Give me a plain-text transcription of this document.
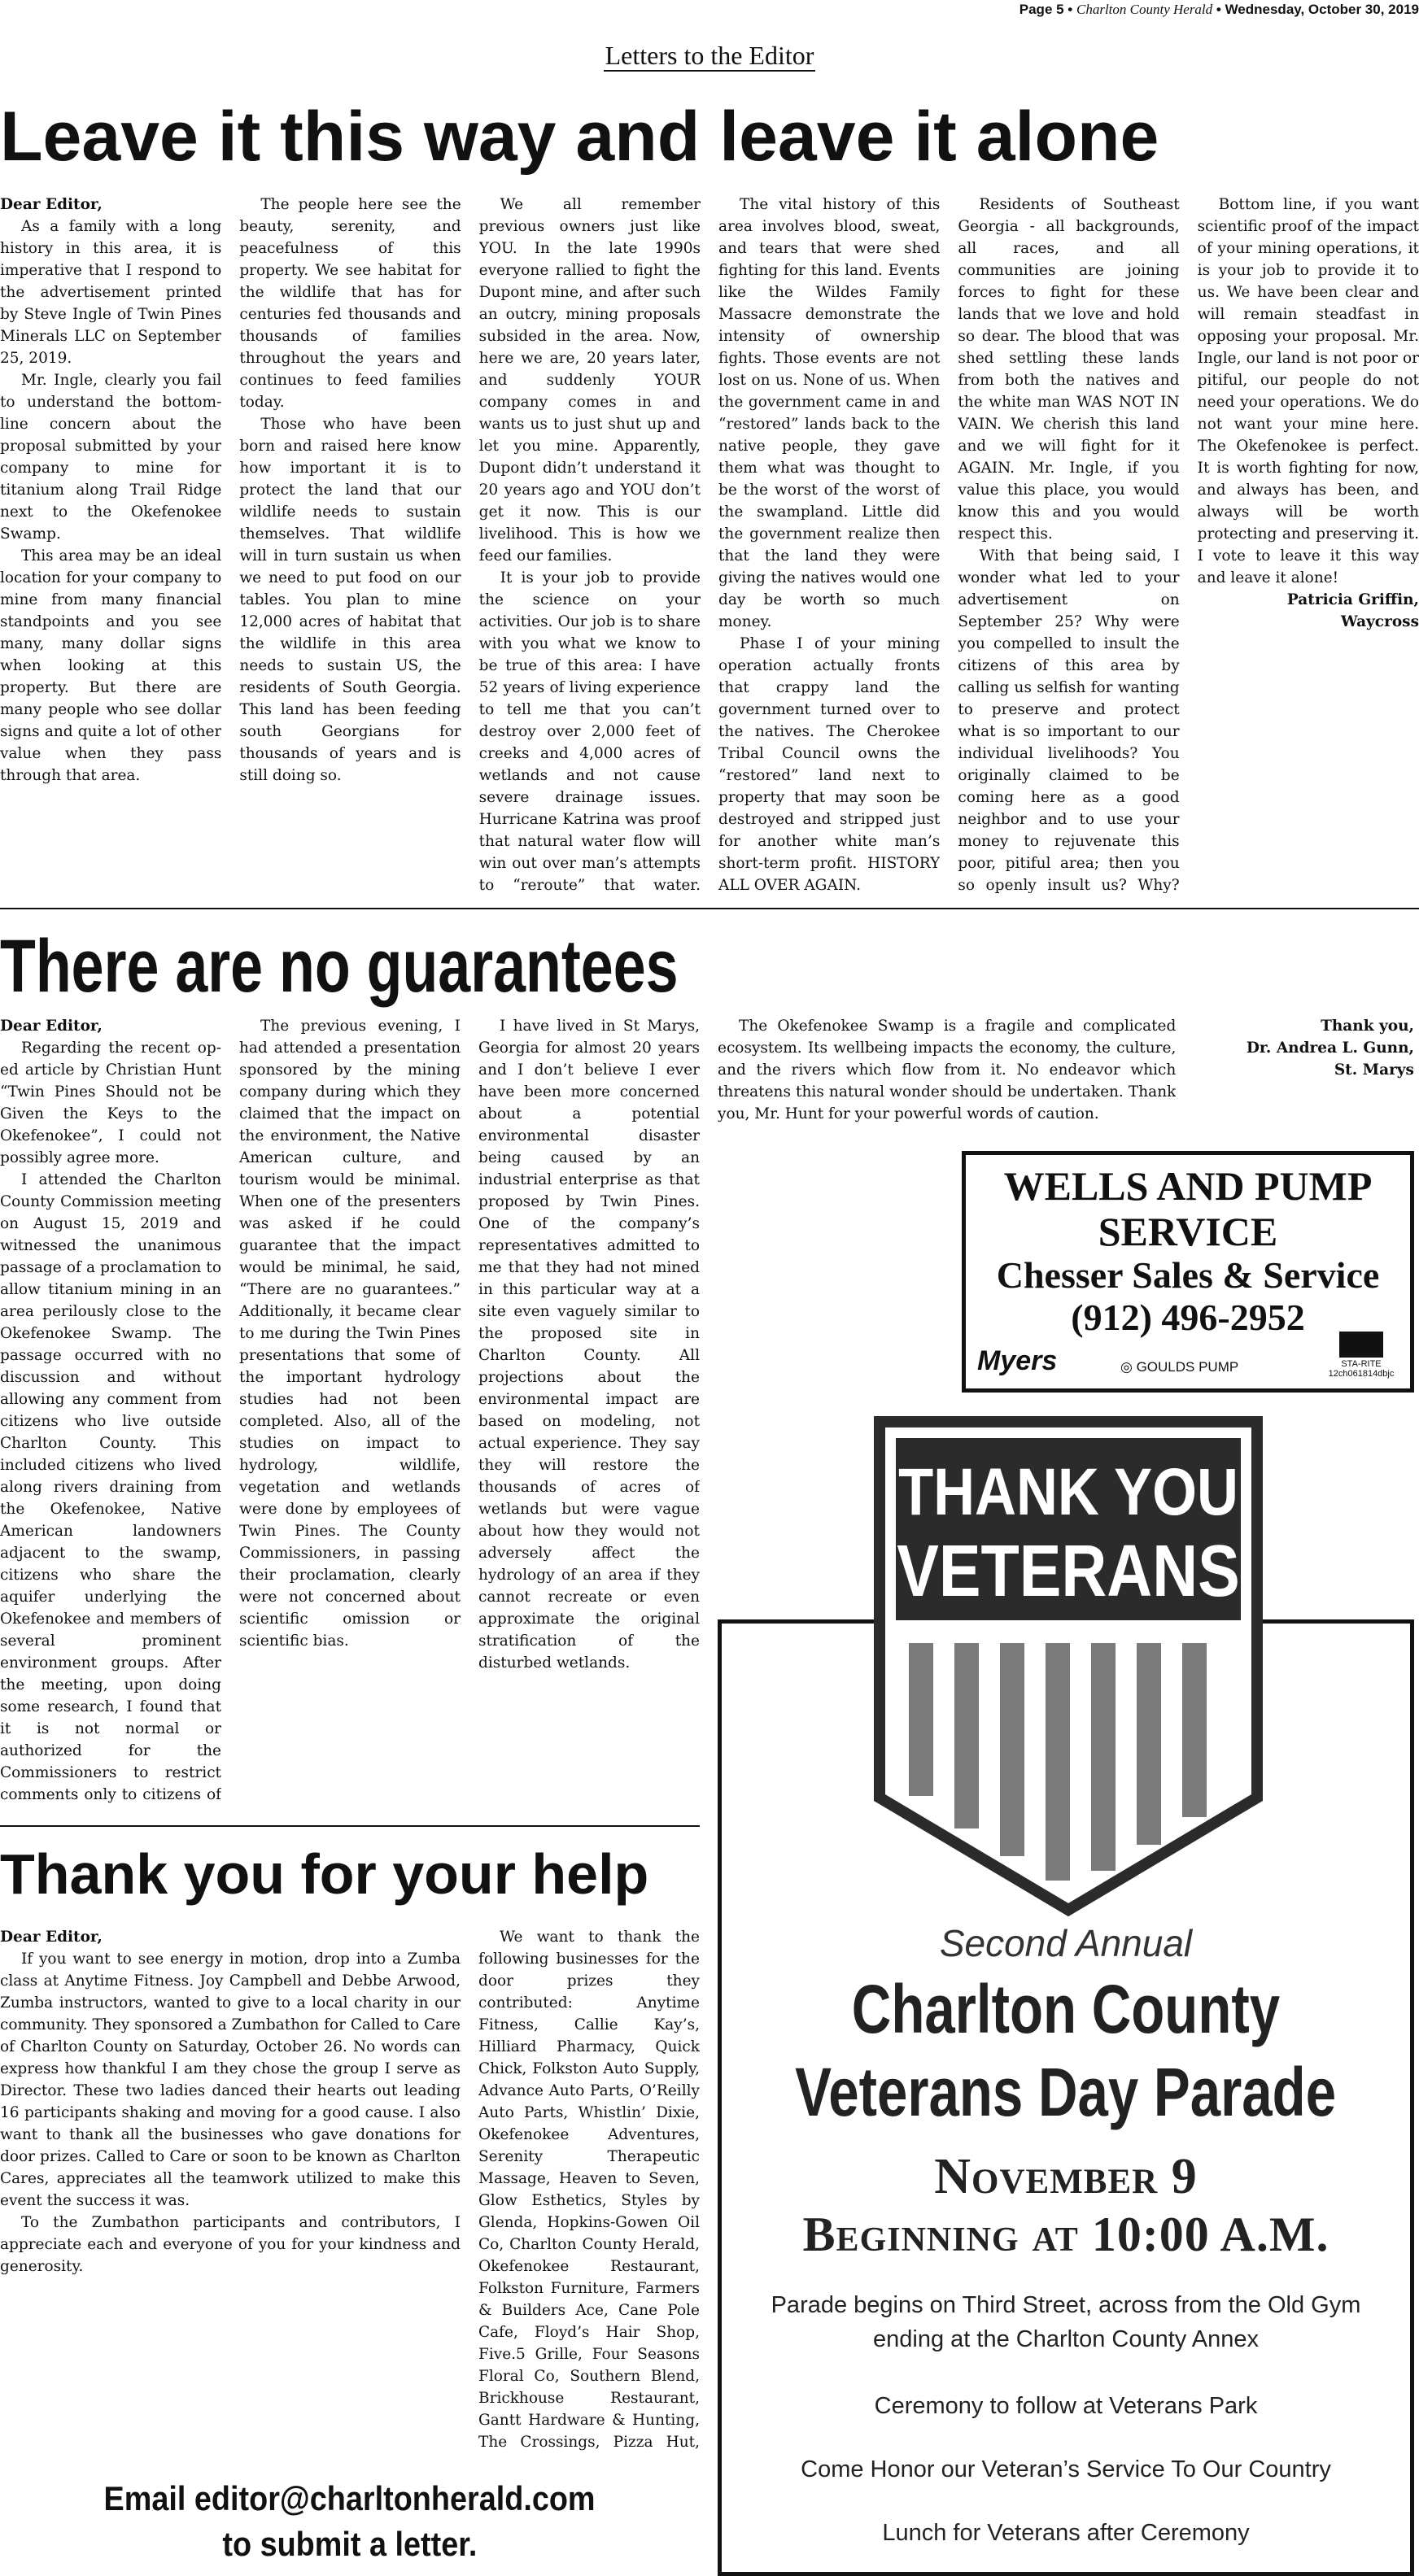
Page 5 • Charlton County Herald • Wednesday, October 30, 2019
Letters to the Editor
Leave it this way and leave it alone

Dear Editor,

As a family with a long history in this area, it is imperative that I respond to the advertisement printed by Steve Ingle of Twin Pines Minerals LLC on September 25, 2019.

Mr. Ingle, clearly you fail to understand the bottom-line concern about the proposal submitted by your company to mine for titanium along Trail Ridge next to the Okefenokee Swamp.

This area may be an ideal location for your company to mine from many financial standpoints and you see many, many dollar signs when looking at this property. But there are many people who see dollar signs and quite a lot of other value when they pass through that area.

The people here see the beauty, serenity, and peacefulness of this property. We see habitat for the wildlife that has for centuries fed thousands and thousands of families throughout the years and continues to feed families today.

Those who have been born and raised here know how important it is to protect the land that our wildlife needs to sustain themselves. That wildlife will in turn sustain us when we need to put food on our tables. You plan to mine 12,000 acres of habitat that the wildlife in this area needs to sustain US, the residents of South Georgia. This land has been feeding south Georgians for thousands of years and is still doing so.

We all remember previous owners just like YOU. In the late 1990s everyone rallied to fight the Dupont mine, and after such an outcry, mining proposals subsided in the area. Now, here we are, 20 years later, and suddenly YOUR company comes in and wants us to just shut up and let you mine. Apparently, Dupont didn’t understand it 20 years ago and YOU don’t get it now. This is our livelihood. This is how we feed our families.

It is your job to provide the science on your activities. Our job is to share with you what we know to be true of this area: I have 52 years of living experience to tell me that you can’t destroy over 2,000 feet of creeks and 4,000 acres of wetlands and not cause severe drainage issues. Hurricane Katrina was proof that natural water flow will win out over man’s attempts to “reroute” that water.

The vital history of this area involves blood, sweat, and tears that were shed fighting for this land. Events like the Wildes Family Massacre demonstrate the intensity of ownership fights. Those events are not lost on us. None of us. When the government came in and “restored” lands back to the native people, they gave them what was thought to be the worst of the worst of the swampland. Little did the government realize then that the land they were giving the natives would one day be worth so much money.

Phase I of your mining operation actually fronts that crappy land the government turned over to the natives. The Cherokee Tribal Council owns the “restored” land next to property that may soon be destroyed and stripped just for another white man’s short-term profit. HISTORY ALL OVER AGAIN.

Residents of Southeast Georgia - all backgrounds, all races, and all communities are joining forces to fight for these lands that we love and hold so dear. The blood that was shed settling these lands from both the natives and the white man WAS NOT IN VAIN. We cherish this land and we will fight for it AGAIN. Mr. Ingle, if you value this place, you would know this and you would respect this.

With that being said, I wonder what led to your advertisement on September 25? Why were you compelled to insult the citizens of this area by calling us selfish for wanting to preserve and protect what is so important to our individual livelihoods? You originally claimed to be coming here as a good neighbor and to use your money to rejuvenate this poor, pitiful area; then you so openly insult us? Why?

Bottom line, if you want scientific proof of the impact of your mining operations, it is your job to provide it to us. We have been clear and will remain steadfast in opposing your proposal. Mr. Ingle, our land is not poor or pitiful, our people do not need your operations. We do not want your mine here. The Okefenokee is perfect. It is worth fighting for now, and always has been, and always will be worth protecting and preserving it. I vote to leave it this way and leave it alone!

Patricia Griffin,
Waycross

There are no guarantees

Dear Editor,

Regarding the recent op-ed article by Christian Hunt “Twin Pines Should not be Given the Keys to the Okefenokee”, I could not possibly agree more.

I attended the Charlton County Commission meeting on August 15, 2019 and witnessed the unanimous passage of a proclamation to allow titanium mining in an area perilously close to the Okefenokee Swamp. The passage occurred with no discussion and without allowing any comment from citizens who live outside Charlton County. This included citizens who lived along rivers draining from the Okefenokee, Native American landowners adjacent to the swamp, citizens who share the aquifer underlying the Okefenokee and members of several prominent environment groups. After the meeting, upon doing some research, I found that it is not normal or authorized for the Commissioners to restrict comments only to citizens of

The previous evening, I had attended a presentation sponsored by the mining company during which they claimed that the impact on the environment, the Native American culture, and tourism would be minimal. When one of the presenters was asked if he could guarantee that the impact would be minimal, he said, “There are no guarantees.” Additionally, it became clear to me during the Twin Pines presentations that some of the important hydrology studies had not been completed. Also, all of the studies on impact to hydrology, wildlife, vegetation and wetlands were done by employees of Twin Pines. The County Commissioners, in passing their proclamation, clearly were not concerned about scientific omission or scientific bias.

I have lived in St Marys, Georgia for almost 20 years and I don’t believe I ever have been more concerned about a potential environmental disaster being caused by an industrial enterprise as that proposed by Twin Pines. One of the company’s representatives admitted to me that they had not mined in this particular way at a site even vaguely similar to the proposed site in Charlton County. All projections about the environmental impact are based on modeling, not actual experience. They say they will restore the thousands of acres of wetlands but were vague about how they would not adversely affect the hydrology of an area if they cannot recreate or even approximate the original stratification of the disturbed wetlands.

The Okefenokee Swamp is a fragile and complicated ecosystem. Its wellbeing impacts the economy, the culture, and the rivers which flow from it. No endeavor which threatens this natural wonder should be undertaken. Thank you, Mr. Hunt for your powerful words of caution.

Thank you,
Dr. Andrea L. Gunn,
St. Marys

Thank you for your help

Dear Editor,

If you want to see energy in motion, drop into a Zumba class at Anytime Fitness. Joy Campbell and Debbe Arwood, Zumba instructors, wanted to give to a local charity in our community. They sponsored a Zumbathon for Called to Care of Charlton County on Saturday, October 26. No words can express how thankful I am they chose the group I serve as Director. These two ladies danced their hearts out leading 16 participants shaking and moving for a good cause. I also want to thank all the businesses who gave donations for door prizes. Called to Care or soon to be known as Charlton Cares, appreciates all the teamwork utilized to make this event the success it was.

To the Zumbathon participants and contributors, I appreciate each and everyone of you for your kindness and generosity.

We want to thank the following businesses for the door prizes they contributed: Anytime Fitness, Callie Kay’s, Hilliard Pharmacy, Quick Chick, Folkston Auto Supply, Advance Auto Parts, O’Reilly Auto Parts, Whistlin’ Dixie, Okefenokee Adventures, Serenity Therapeutic Massage, Heaven to Seven, Glow Esthetics, Styles by Glenda, Hopkins-Gowen Oil Co, Charlton County Herald, Okefenokee Restaurant, Folkston Furniture, Farmers & Builders Ace, Cane Pole Cafe, Floyd’s Hair Shop, Five.5 Grille, Four Seasons Floral Co, Southern Blend, Brickhouse Restaurant, Gantt Hardware & Hunting, The Crossings, Pizza Hut,

Email editor@charltonherald.com
to submit a letter.
WELLS AND PUMP
SERVICE
Chesser Sales & Service
(912) 496-2952
Myers	◎ GOULDS PUMP	STA-RITE
12ch061814dbjc
THANK YOU
VETERANS
Second Annual
Charlton County
Veterans Day Parade
November 9
Beginning at 10:00 A.M.
Parade begins on Third Street, across from the Old Gym
ending at the Charlton County Annex
Ceremony to follow at Veterans Park
Come Honor our Veteran’s Service To Our Country
Lunch for Veterans after Ceremony
